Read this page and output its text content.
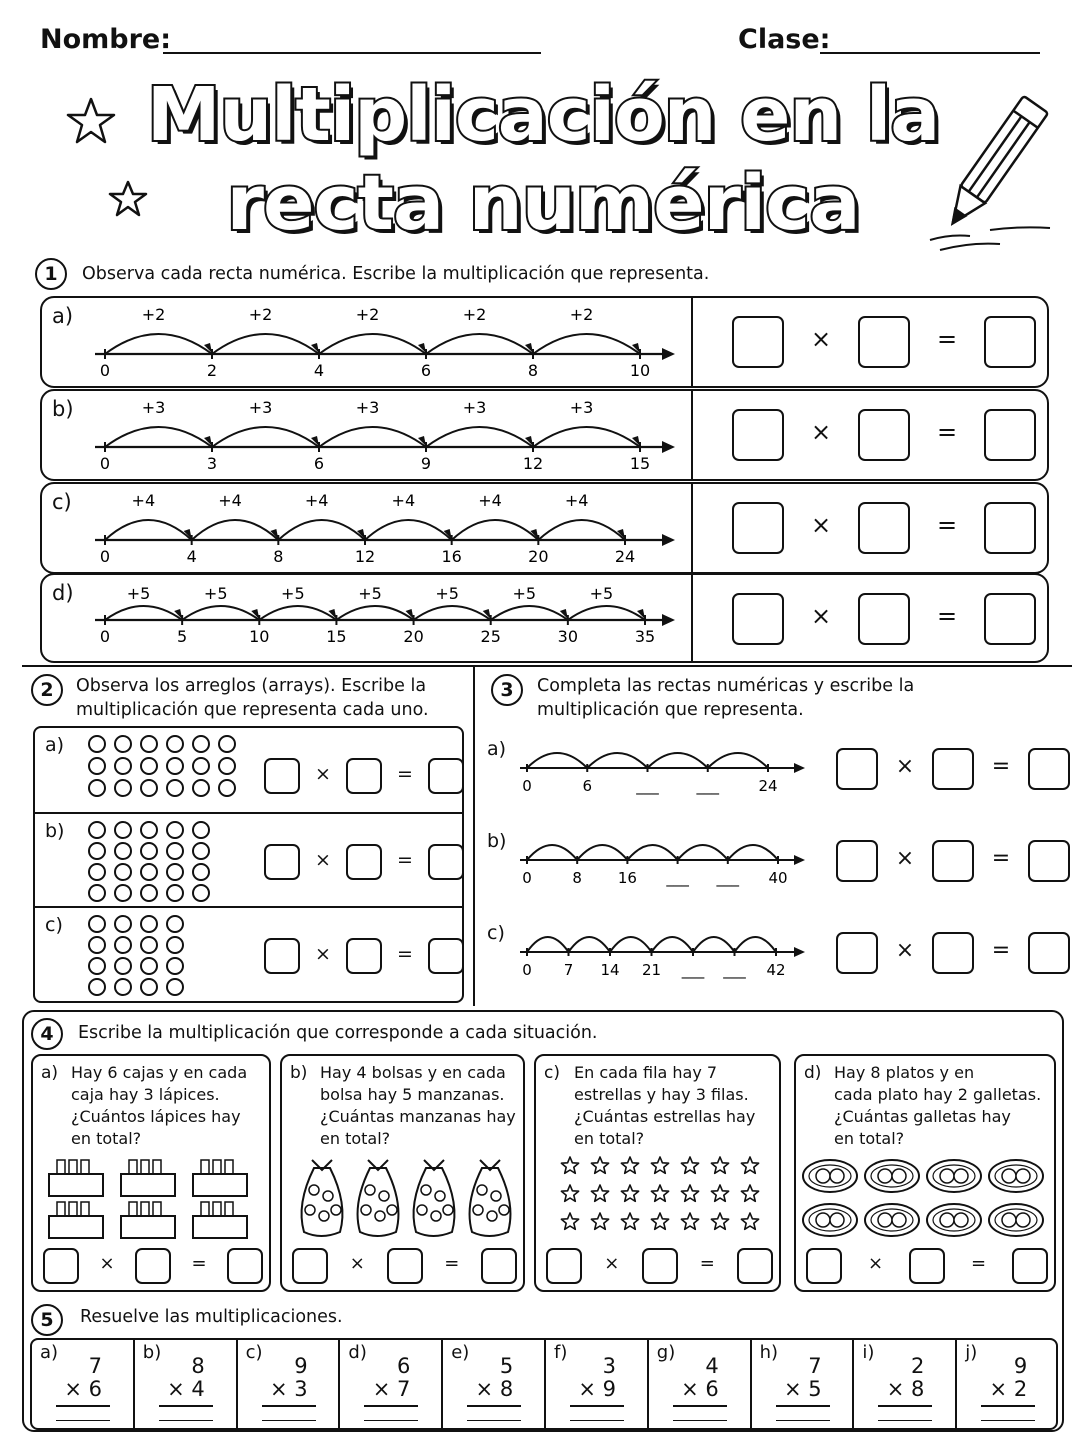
Nombre:	Clase:
Multiplicación en la
recta numérica
1	Observa cada recta numérica. Escribe la multiplicación que representa.
a)
0
+2
2
+2
4
+2
6
+2
8
+2
10
×	=
b)
0
+3
3
+3
6
+3
9
+3
12
+3
15
×	=
c)
0
+4
4
+4
8
+4
12
+4
16
+4
20
+4
24
×	=
d)
0
+5
5
+5
10
+5
15
+5
20
+5
25
+5
30
+5
35
×	=
2	Observa los arreglos (arrays). Escribe la
multiplicación que representa cada uno.
a)
×	=
b)
×	=
c)
×	=
3	Completa las rectas numéricas y escribe la
multiplicación que representa.
a)
0	6	___	___	24
×	=
b)
0	8 16 ___ ___ 40
×	=
c)
0 7 14 21 ___ ___ 42
×	=
4	Escribe la multiplicación que corresponde a cada situación.
a) Hay 6 cajas y en cada
caja hay 3 lápices.
¿Cuántos lápices hay
en total?
×	=
b) Hay 4 bolsas y en cada
bolsa hay 5 manzanas.
¿Cuántas manzanas hay
en total?
×	=
c) En cada fila hay 7
estrellas y hay 3 filas.
¿Cuántas estrellas hay
en total?
×	=
d) Hay 8 platos y en
cada plato hay 2 galletas.
¿Cuántas galletas hay
en total?
×	=
5	Resuelve las multiplicaciones.
a)
7
× 6
b)
8
× 4
c)
9
× 3
d)
6
× 7
e)
5
× 8
f)
3
× 9
g)
4
× 6
h)
7
× 5
i)
2
× 8
j)
9
× 2
